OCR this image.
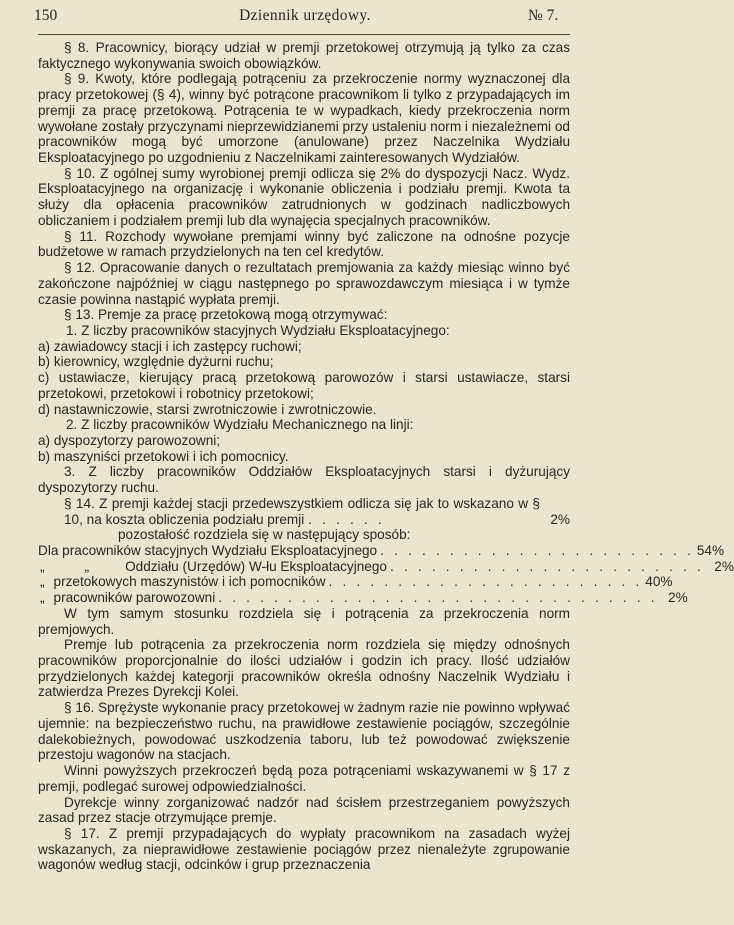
150	Dziennik urzędowy.	№ 7.

§ 8. Pracownicy, biorący udział w premji przetokowej otrzymują ją tylko za czas faktycznego wykonywania swoich obowiązków.

§ 9. Kwoty, które podlegają potrąceniu za przekroczenie normy wyznaczonej dla pracy przetokowej (§ 4), winny być potrącone pracownikom li tylko z przypadających im premji za pracę przetokową. Potrącenia te w wypadkach, kiedy przekroczenia norm wywołane zostały przyczynami nieprzewidzianemi przy ustaleniu norm i niezależnemi od pracowników mogą być umorzone (anulowane) przez Naczelnika Wydziału Eksploatacyjnego po uzgodnieniu z Naczelnikami zainteresowanych Wydziałów.

§ 10. Z ogólnej sumy wyrobionej premji odlicza się 2% do dyspozycji Nacz. Wydz. Eksploatacyjnego na organizację i wykonanie obliczenia i podziału premji. Kwota ta służy dla opłacenia pracowników zatrudnionych w godzinach nadliczbowych obliczaniem i podziałem premji lub dla wynajęcia specjalnych pracowników.

§ 11. Rozchody wywołane premjami winny być zaliczone na odnośne pozycje budżetowe w ramach przydzielonych na ten cel kredytów.

§ 12. Opracowanie danych o rezultatach premjowania za każdy miesiąc winno być zakończone najpóźniej w ciągu następnego po sprawozdawczym miesiąca i w tymże czasie powinna nastąpić wypłata premji.

§ 13. Premje za pracę przetokową mogą otrzymywać:

1. Z liczby pracowników stacyjnych Wydziału Eksploatacyjnego:

a) zawiadowcy stacji i ich zastępcy ruchowi;

b) kierownicy, względnie dyżurni ruchu;

c) ustawiacze, kierujący pracą przetokową parowozów i starsi ustawiacze, starsi przetokowi, przetokowi i robotnicy przetokowi;

d) nastawniczowie, starsi zwrotniczowie i zwrotniczowie.

2. Z liczby pracowników Wydziału Mechanicznego na linji:

a) dyspozytorzy parowozowni;

b) maszyniści przetokowi i ich pomocnicy.

3. Z liczby pracowników Oddziałów Eksploatacyjnych starsi i dyżurujący dyspozytorzy ruchu.

§ 14. Z premji każdej stacji przedewszystkiem odlicza się jak to wskazano w § 10, na koszta obliczenia podziału premji . . . . . .	2%

pozostałość rozdziela się w następujący sposób:

Dla pracowników stacyjnych Wydziału Eksploatacyjnego . . . . . . . . . . . . . . . . . . . . . . . 54%
„	„	Oddziału (Urzędów) W-łu Eksploatacyjnego . . . . . . . . . . . . . . . . . . . . . . . 2%
„ przetokowych maszynistów i ich pomocników . . . . . . . . . . . . . . . . . . . . . . . 40%
„ pracowników parowozowni . . . . . . . . . . . . . . . . . . . . . . . . . . . . . . . . 2%

W tym samym stosunku rozdziela się i potrącenia za przekroczenia norm premjowych.

Premje lub potrącenia za przekroczenia norm rozdziela się między odnośnych pracowników proporcjonalnie do ilości udziałów i godzin ich pracy. Ilość udziałów przydzielonych każdej kategorji pracowników określa odnośny Naczelnik Wydziału i zatwierdza Prezes Dyrekcji Kolei.

§ 16. Sprężyste wykonanie pracy przetokowej w żadnym razie nie powinno wpływać ujemnie: na bezpieczeństwo ruchu, na prawidłowe zestawienie pociągów, szczególnie dalekobieżnych, powodować uszkodzenia taboru, lub też powodować zwiększenie przestoju wagonów na stacjach.

Winni powyższych przekroczeń będą poza potrąceniami wskazywanemi w § 17 z premji, podlegać surowej odpowiedzialności.

Dyrekcje winny zorganizować nadzór nad ścisłem przestrzeganiem powyższych zasad przez stacje otrzymujące premje.

§ 17. Z premji przypadających do wypłaty pracownikom na zasadach wyżej wskazanych, za nieprawidłowe zestawienie pociągów przez nienależyte zgrupowanie wagonów według stacji, odcinków i grup przeznaczenia
